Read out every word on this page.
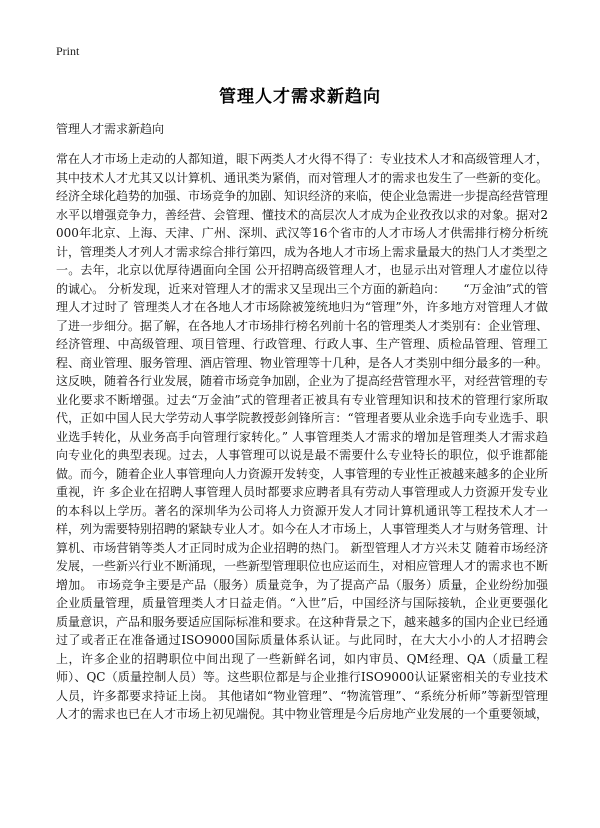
Print
管理人才需求新趋向
管理人才需求新趋向

常在人才市场上走动的人都知道，眼下两类人才火得不得了：专业技术人才和高级管理人才，其中技术人才尤其又以计算机、通讯类为紧俏，而对管理人才的需求也发生了一些新的变化。 经济全球化趋势的加强、市场竞争的加剧、知识经济的来临，使企业急需进一步提高经营管理水平以增强竞争力，善经营、会管理、懂技术的高层次人才成为企业孜孜以求的对象。据对2000年北京、上海、天津、广州、深圳、武汉等16个省市的人才市场人才供需排行榜分析统计，管理类人才列人才需求综合排行第四，成为各地人才市场上需求量最大的热门人才类型之一。去年，北京以优厚待遇面向全国 公开招聘高级管理人才，也显示出对管理人才虚位以待的诚心。 分析发现，近来对管理人才的需求又呈现出三个方面的新趋向：　　“万金油”式的管理人才过时了 管理类人才在各地人才市场除被笼统地归为“管理”外，许多地方对管理人才做了进一步细分。据了解，在各地人才市场排行榜名列前十名的管理类人才类别有：企业管理、经济管理、中高级管理、项目管理、行政管理、行政人事、生产管理、质检品管理、管理工程、商业管理、服务管理、酒店管理、物业管理等十几种，是各人才类别中细分最多的一种。这反映，随着各行业发展，随着市场竞争加剧，企业为了提高经营管理水平，对经营管理的专业化要求不断增强。过去“万金油”式的管理者正被具有专业管理知识和技术的管理行家所取代，正如中国人民大学劳动人事学院教授彭剑锋所言：“管理者要从业余选手向专业选手、职业选手转化，从业务高手向管理行家转化。” 人事管理类人才需求的增加是管理类人才需求趋向专业化的典型表现。过去，人事管理可以说是最不需要什么专业特长的职位，似乎谁都能做。而今，随着企业人事管理向人力资源开发转变，人事管理的专业性正被越来越多的企业所重视，许 多企业在招聘人事管理人员时都要求应聘者具有劳动人事管理或人力资源开发专业的本科以上学历。著名的深圳华为公司将人力资源开发人才同计算机通讯等工程技术人才一样，列为需要特别招聘的紧缺专业人才。如今在人才市场上，人事管理类人才与财务管理、计算机、市场营销等类人才正同时成为企业招聘的热门。 新型管理人才方兴未艾 随着市场经济发展，一些新兴行业不断涌现，一些新型管理职位也应运而生，对相应管理人才的需求也不断增加。 市场竞争主要是产品（服务）质量竞争，为了提高产品（服务）质量，企业纷纷加强企业质量管理，质量管理类人才日益走俏。“入世”后，中国经济与国际接轨，企业更要强化质量意识，产品和服务要适应国际标准和要求。在这种背景之下，越来越多的国内企业已经通过了或者正在准备通过ISO9000国际质量体系认证。与此同时，在大大小小的人才招聘会上，许多企业的招聘职位中间出现了一些新鲜名词，如内审员、QM经理、QA（质量工程师）、QC（质量控制人员）等。这些职位都是与企业推行ISO9000认证紧密相关的专业技术人员，许多都要求持证上岗。 其他诸如“物业管理”、“物流管理”、“系统分析师”等新型管理人才的需求也已在人才市场上初见端倪。其中物业管理是今后房地产业发展的一个重要领域，
